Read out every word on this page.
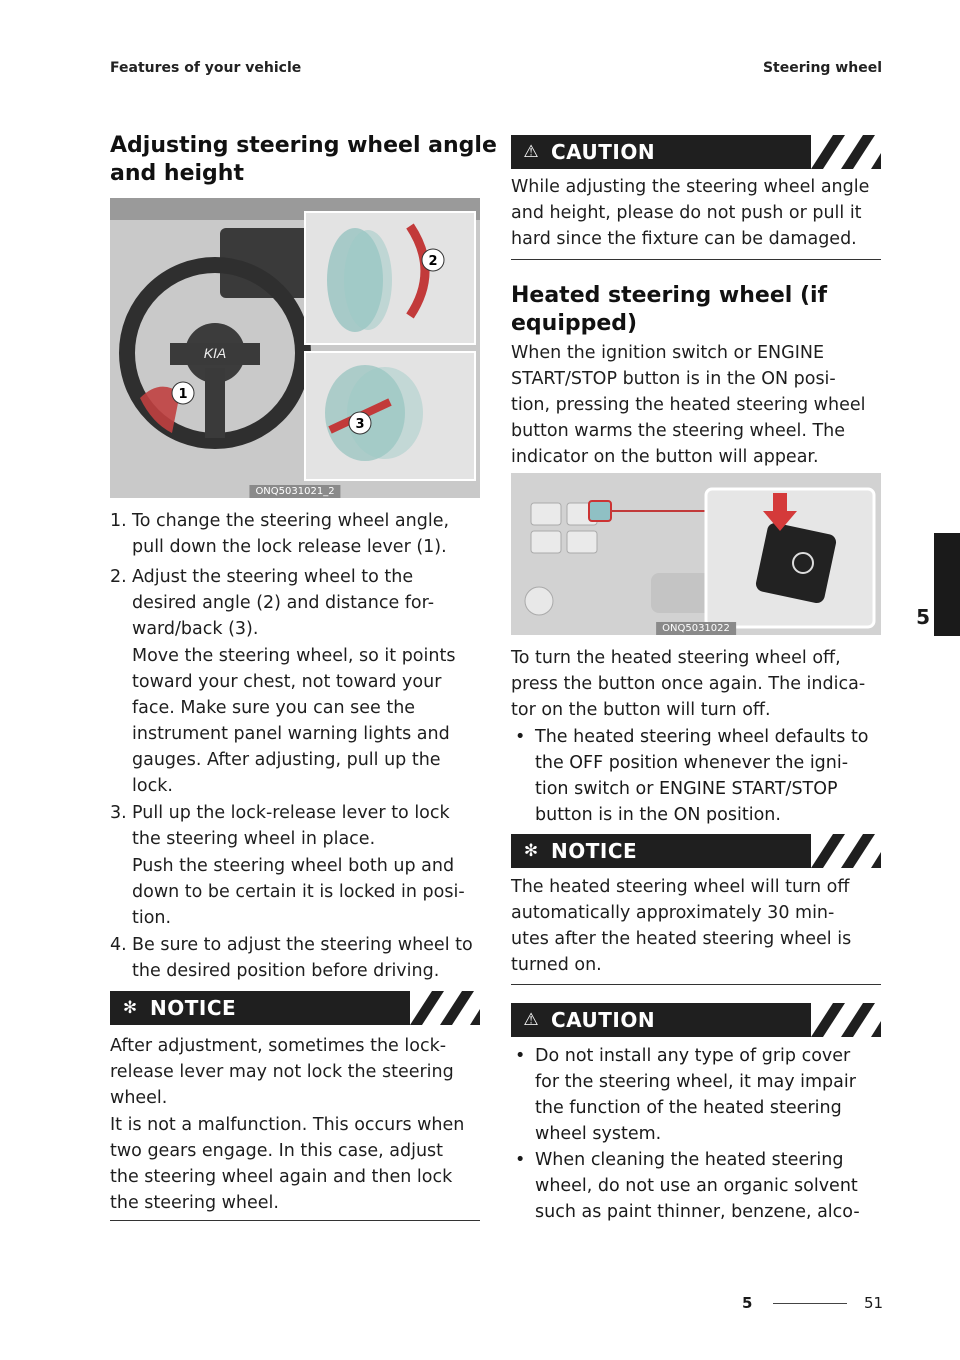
Features of your vehicle	Steering wheel
Adjusting steering wheel angle
and height
KIA
1
2
3
ONQ5031021_2
1. To change the steering wheel angle,
pull down the lock release lever (1).
2. Adjust the steering wheel to the
desired angle (2) and distance for-
ward/back (3).
Move the steering wheel, so it points
toward your chest, not toward your
face. Make sure you can see the
instrument panel warning lights and
gauges. After adjusting, pull up the
lock.
3. Pull up the lock-release lever to lock
the steering wheel in place.
Push the steering wheel both up and
down to be certain it is locked in posi-
tion.
4. Be sure to adjust the steering wheel to
the desired position before driving.
✻ NOTICE

After adjustment, sometimes the lock-
release lever may not lock the steering
wheel.

It is not a malfunction. This occurs when
two gears engage. In this case, adjust
the steering wheel again and then lock
the steering wheel.

⚠ CAUTION

While adjusting the steering wheel angle
and height, please do not push or pull it
hard since the fixture can be damaged.

Heated steering wheel (if
equipped)

When the ignition switch or ENGINE
START/STOP button is in the ON posi-
tion, pressing the heated steering wheel
button warms the steering wheel. The
indicator on the button will appear.

ONQ5031022

To turn the heated steering wheel off,
press the button once again. The indica-
tor on the button will turn off.

• The heated steering wheel defaults to
the OFF position whenever the igni-
tion switch or ENGINE START/STOP
button is in the ON position.
✻ NOTICE

The heated steering wheel will turn off
automatically approximately 30 min-
utes after the heated steering wheel is
turned on.

⚠ CAUTION
• Do not install any type of grip cover
for the steering wheel, it may impair
the function of the heated steering
wheel system.
• When cleaning the heated steering
wheel, do not use an organic solvent
such as paint thinner, benzene, alco-
5
5	51
